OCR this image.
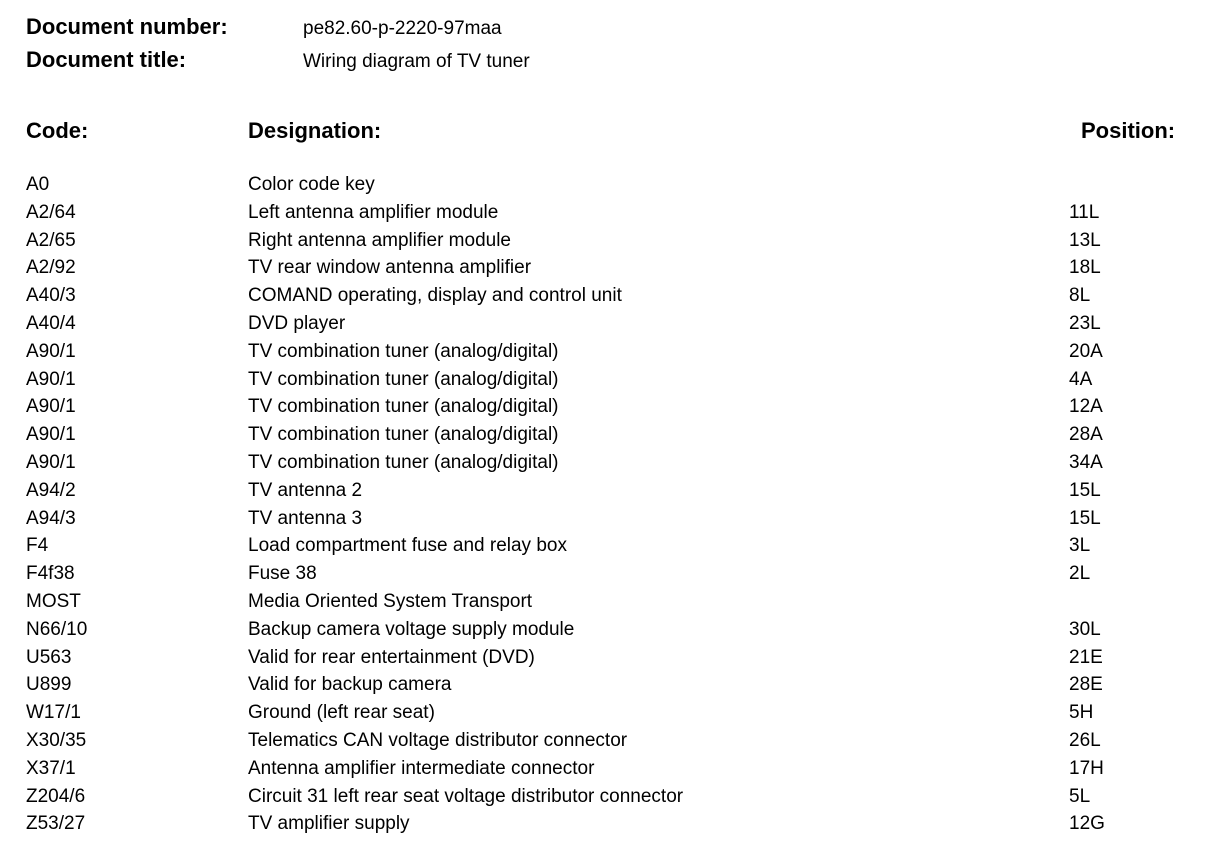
Document number:	pe82.60-p-2220-97maa
Document title:	Wiring diagram of TV tuner
Code:	Designation:	Position:
A0	Color code key
A2/64	Left antenna amplifier module	11L
A2/65	Right antenna amplifier module	13L
A2/92	TV rear window antenna amplifier	18L
A40/3	COMAND operating, display and control unit	8L
A40/4	DVD player	23L
A90/1	TV combination tuner (analog/digital)	20A
A90/1	TV combination tuner (analog/digital)	4A
A90/1	TV combination tuner (analog/digital)	12A
A90/1	TV combination tuner (analog/digital)	28A
A90/1	TV combination tuner (analog/digital)	34A
A94/2	TV antenna 2	15L
A94/3	TV antenna 3	15L
F4	Load compartment fuse and relay box	3L
F4f38	Fuse 38	2L
MOST	Media Oriented System Transport
N66/10	Backup camera voltage supply module	30L
U563	Valid for rear entertainment (DVD)	21E
U899	Valid for backup camera	28E
W17/1	Ground (left rear seat)	5H
X30/35	Telematics CAN voltage distributor connector	26L
X37/1	Antenna amplifier intermediate connector	17H
Z204/6	Circuit 31 left rear seat voltage distributor connector	5L
Z53/27	TV amplifier supply	12G
